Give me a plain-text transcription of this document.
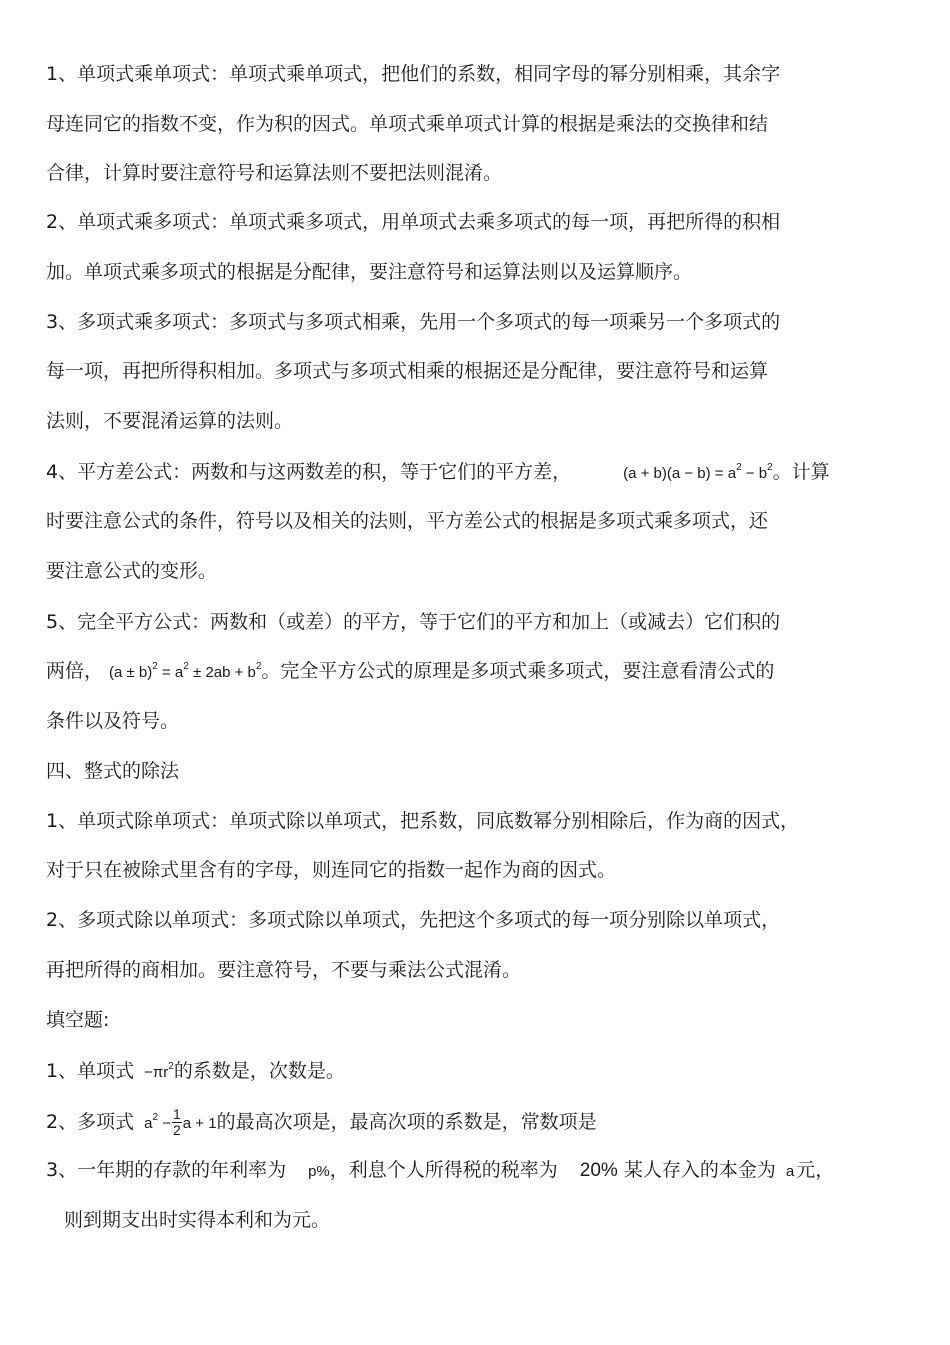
1、单项式乘单项式：单项式乘单项式，把他们的系数，相同字母的幂分别相乘，其余字
母连同它的指数不变，作为积的因式。单项式乘单项式计算的根据是乘法的交换律和结
合律，计算时要注意符号和运算法则不要把法则混淆。
2、单项式乘多项式：单项式乘多项式，用单项式去乘多项式的每一项，再把所得的积相
加。单项式乘多项式的根据是分配律，要注意符号和运算法则以及运算顺序。
3、多项式乘多项式：多项式与多项式相乘，先用一个多项式的每一项乘另一个多项式的
每一项，再把所得积相加。多项式与多项式相乘的根据还是分配律，要注意符号和运算
法则，不要混淆运算的法则。
4、平方差公式：两数和与这两数差的积，等于它们的平方差，	$(a + b)(a - b) = a^2 - b^2$。计算
时要注意公式的条件，符号以及相关的法则，平方差公式的根据是多项式乘多项式，还
要注意公式的变形。
5、完全平方公式：两数和（或差）的平方，等于它们的平方和加上（或减去）它们积的
两倍， $(a \pm b)^2 = a^2 \pm 2ab + b^2$。完全平方公式的原理是多项式乘多项式，要注意看清公式的
条件以及符号。
四、整式的除法
1、单项式除单项式：单项式除以单项式，把系数，同底数幂分别相除后，作为商的因式，
对于只在被除式里含有的字母，则连同它的指数一起作为商的因式。
2、多项式除以单项式：多项式除以单项式，先把这个多项式的每一项分别除以单项式，
再把所得的商相加。要注意符号，不要与乘法公式混淆。
填空题:
1、单项式 $-\pi r^2$的系数是，次数是。
2、多项式 $a^2 - \frac{1}{2}$ a + 1的最高次项是，最高次项的系数是，常数项是
3、一年期的存款的年利率为 p%，利息个人所得税的税率为 20% 某人存入的本金为 a 元，
则到期支出时实得本利和为元。
